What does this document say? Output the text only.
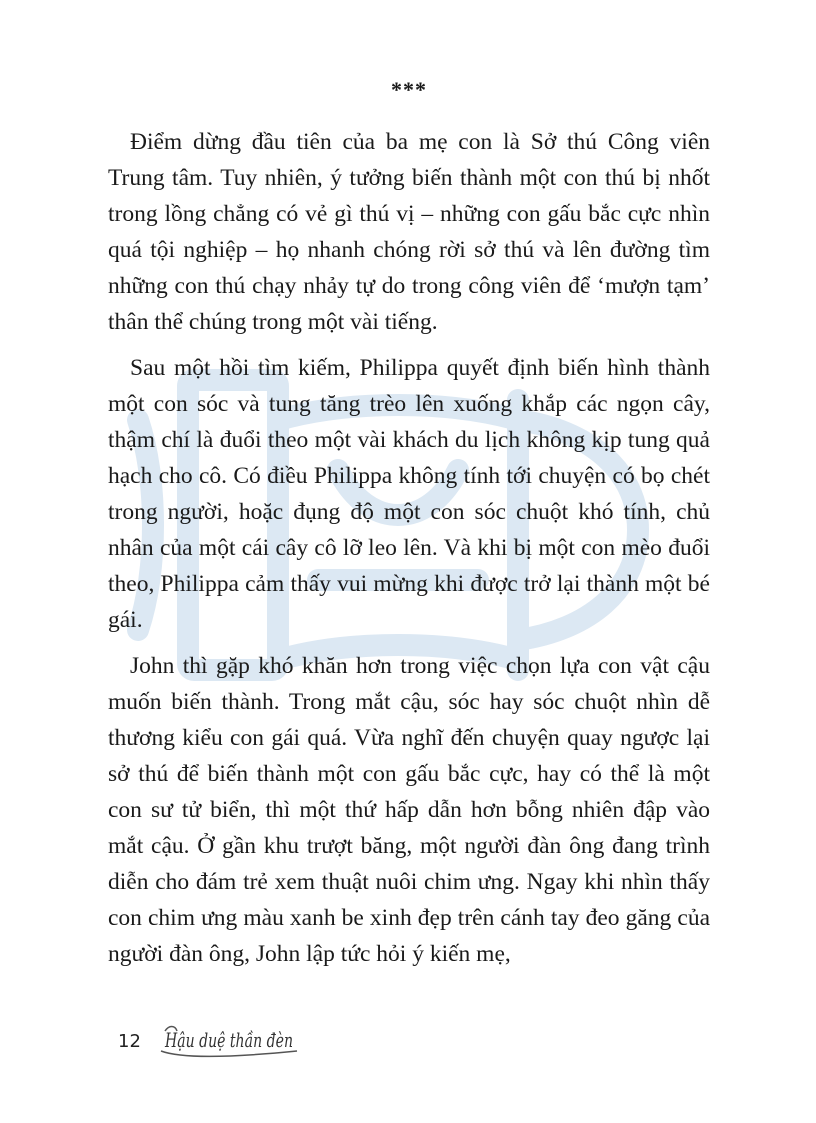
***

Điểm dừng đầu tiên của ba mẹ con là Sở thú Công viên Trung tâm. Tuy nhiên, ý tưởng biến thành một con thú bị nhốt trong lồng chẳng có vẻ gì thú vị – những con gấu bắc cực nhìn quá tội nghiệp – họ nhanh chóng rời sở thú và lên đường tìm những con thú chạy nhảy tự do trong công viên để ‘mượn tạm’ thân thể chúng trong một vài tiếng.

Sau một hồi tìm kiếm, Philippa quyết định biến hình thành một con sóc và tung tăng trèo lên xuống khắp các ngọn cây, thậm chí là đuổi theo một vài khách du lịch không kịp tung quả hạch cho cô. Có điều Philippa không tính tới chuyện có bọ chét trong người, hoặc đụng độ một con sóc chuột khó tính, chủ nhân của một cái cây cô lỡ leo lên. Và khi bị một con mèo đuổi theo, Philippa cảm thấy vui mừng khi được trở lại thành một bé gái.

John thì gặp khó khăn hơn trong việc chọn lựa con vật cậu muốn biến thành. Trong mắt cậu, sóc hay sóc chuột nhìn dễ thương kiểu con gái quá. Vừa nghĩ đến chuyện quay ngược lại sở thú để biến thành một con gấu bắc cực, hay có thể là một con sư tử biển, thì một thứ hấp dẫn hơn bỗng nhiên đập vào mắt cậu. Ở gần khu trượt băng, một người đàn ông đang trình diễn cho đám trẻ xem thuật nuôi chim ưng. Ngay khi nhìn thấy con chim ưng màu xanh be xinh đẹp trên cánh tay đeo găng của người đàn ông, John lập tức hỏi ý kiến mẹ,

12 Hậu duệ thần đèn
